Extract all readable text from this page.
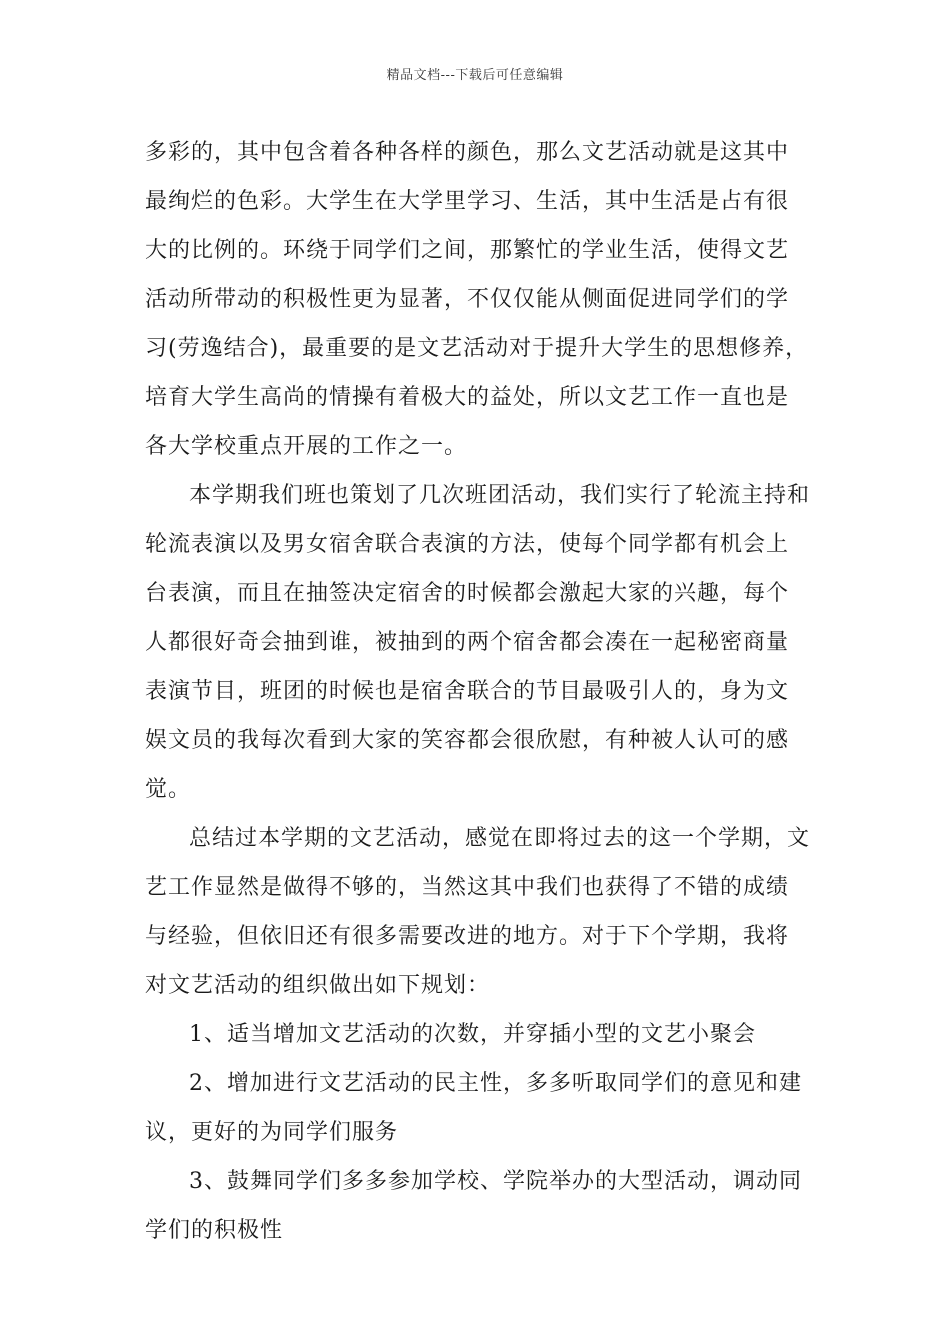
精品文档---下载后可任意编辑

多彩的，其中包含着各种各样的颜色，那么文艺活动就是这其中最绚烂的色彩。大学生在大学里学习、生活，其中生活是占有很大的比例的。环绕于同学们之间，那繁忙的学业生活，使得文艺活动所带动的积极性更为显著，不仅仅能从侧面促进同学们的学习(劳逸结合)，最重要的是文艺活动对于提升大学生的思想修养，培育大学生高尚的情操有着极大的益处，所以文艺工作一直也是各大学校重点开展的工作之一。

本学期我们班也策划了几次班团活动，我们实行了轮流主持和轮流表演以及男女宿舍联合表演的方法，使每个同学都有机会上台表演，而且在抽签决定宿舍的时候都会激起大家的兴趣，每个人都很好奇会抽到谁，被抽到的两个宿舍都会凑在一起秘密商量表演节目，班团的时候也是宿舍联合的节目最吸引人的，身为文娱文员的我每次看到大家的笑容都会很欣慰，有种被人认可的感觉。

总结过本学期的文艺活动，感觉在即将过去的这一个学期，文艺工作显然是做得不够的，当然这其中我们也获得了不错的成绩与经验，但依旧还有很多需要改进的地方。对于下个学期，我将对文艺活动的组织做出如下规划：

1、适当增加文艺活动的次数，并穿插小型的文艺小聚会

2、增加进行文艺活动的民主性，多多听取同学们的意见和建议，更好的为同学们服务

3、鼓舞同学们多多参加学校、学院举办的大型活动，调动同学们的积极性
